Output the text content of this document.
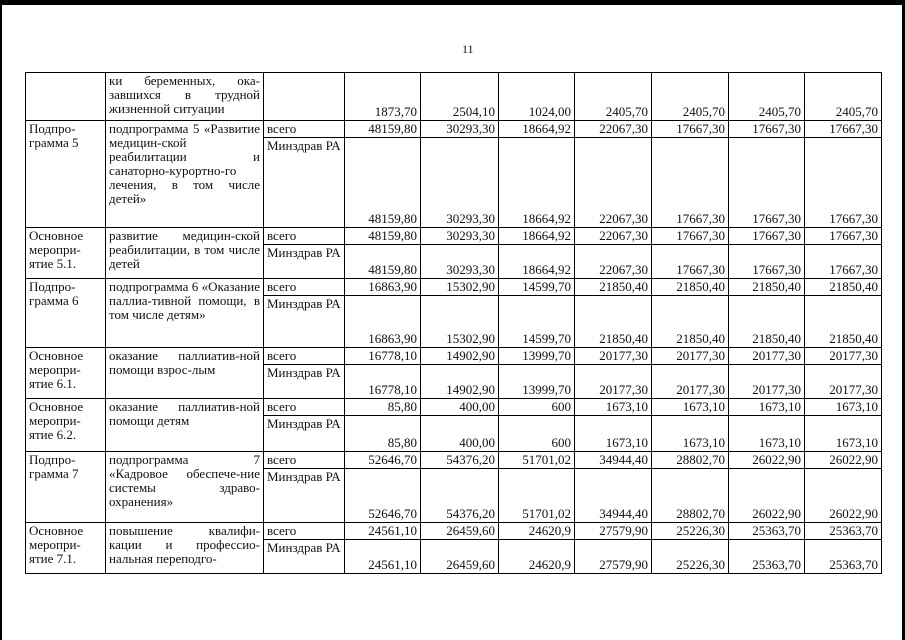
11
	ки беременных, ока-завшихся в трудной жизненной ситуации		1873,70	2504,10	1024,00	2405,70	2405,70	2405,70	2405,70
Подпро-грамма 5	подпрограмма 5 «Развитие медицин-ской реабилитации и санаторно-курортно-го лечения, в том числе детей»	всего	48159,80	30293,30	18664,92	22067,30	17667,30	17667,30	17667,30
		Минздрав РА	48159,80	30293,30	18664,92	22067,30	17667,30	17667,30	17667,30
Основное меропри-ятие 5.1.	развитие медицин-ской реабилитации, в том числе детей	всего	48159,80	30293,30	18664,92	22067,30	17667,30	17667,30	17667,30
		Минздрав РА	48159,80	30293,30	18664,92	22067,30	17667,30	17667,30	17667,30
Подпро-грамма 6	подпрограмма 6 «Оказание паллиа-тивной помощи, в том числе детям»	всего	16863,90	15302,90	14599,70	21850,40	21850,40	21850,40	21850,40
		Минздрав РА	16863,90	15302,90	14599,70	21850,40	21850,40	21850,40	21850,40
Основное меропри-ятие 6.1.	оказание паллиатив-ной помощи взрос-лым	всего	16778,10	14902,90	13999,70	20177,30	20177,30	20177,30	20177,30
		Минздрав РА	16778,10	14902,90	13999,70	20177,30	20177,30	20177,30	20177,30
Основное меропри-ятие 6.2.	оказание паллиатив-ной помощи детям	всего	85,80	400,00	600	1673,10	1673,10	1673,10	1673,10
		Минздрав РА	85,80	400,00	600	1673,10	1673,10	1673,10	1673,10
Подпро-грамма 7	подпрограмма 7 «Кадровое обеспече-ние системы здраво-охранения»	всего	52646,70	54376,20	51701,02	34944,40	28802,70	26022,90	26022,90
		Минздрав РА	52646,70	54376,20	51701,02	34944,40	28802,70	26022,90	26022,90
Основное меропри-ятие 7.1.	повышение квалифи-кации и профессио-нальная переподго-	всего	24561,10	26459,60	24620,9	27579,90	25226,30	25363,70	25363,70
		Минздрав РА	24561,10	26459,60	24620,9	27579,90	25226,30	25363,70	25363,70
